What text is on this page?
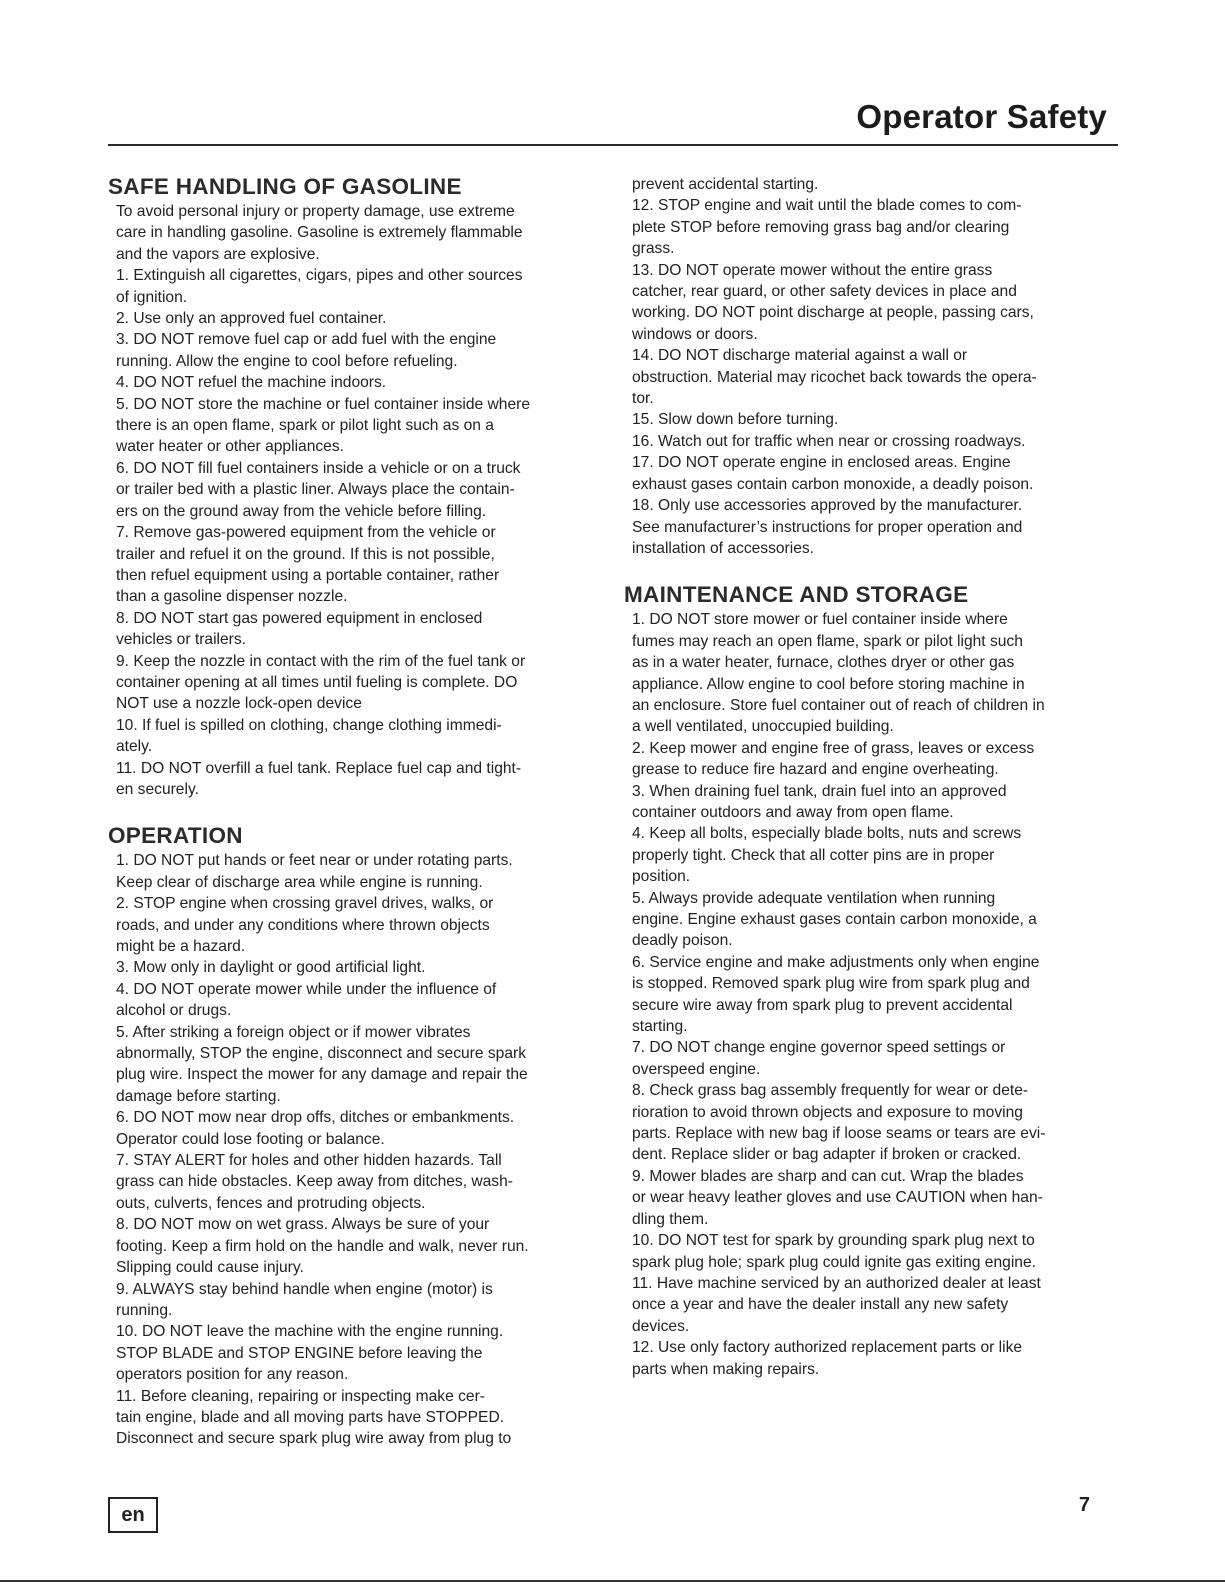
Operator Safety
SAFE HANDLING OF GASOLINE
To avoid personal injury or property damage, use extreme
care in handling gasoline. Gasoline is extremely flammable
and the vapors are explosive.
1. Extinguish all cigarettes, cigars, pipes and other sources
of ignition.
2. Use only an approved fuel container.
3. DO NOT remove fuel cap or add fuel with the engine
running. Allow the engine to cool before refueling.
4. DO NOT refuel the machine indoors.
5. DO NOT store the machine or fuel container inside where
there is an open flame, spark or pilot light such as on a
water heater or other appliances.
6. DO NOT fill fuel containers inside a vehicle or on a truck
or trailer bed with a plastic liner. Always place the contain-
ers on the ground away from the vehicle before filling.
7. Remove gas-powered equipment from the vehicle or
trailer and refuel it on the ground. If this is not possible,
then refuel equipment using a portable container, rather
than a gasoline dispenser nozzle.
8. DO NOT start gas powered equipment in enclosed
vehicles or trailers.
9. Keep the nozzle in contact with the rim of the fuel tank or
container opening at all times until fueling is complete. DO
NOT use a nozzle lock-open device
10. If fuel is spilled on clothing, change clothing immedi-
ately.
11. DO NOT overfill a fuel tank. Replace fuel cap and tight-
en securely.
OPERATION
1. DO NOT put hands or feet near or under rotating parts.
Keep clear of discharge area while engine is running.
2. STOP engine when crossing gravel drives, walks, or
roads, and under any conditions where thrown objects
might be a hazard.
3. Mow only in daylight or good artificial light.
4. DO NOT operate mower while under the influence of
alcohol or drugs.
5. After striking a foreign object or if mower vibrates
abnormally, STOP the engine, disconnect and secure spark
plug wire. Inspect the mower for any damage and repair the
damage before starting.
6. DO NOT mow near drop offs, ditches or embankments.
Operator could lose footing or balance.
7. STAY ALERT for holes and other hidden hazards. Tall
grass can hide obstacles. Keep away from ditches, wash-
outs, culverts, fences and protruding objects.
8. DO NOT mow on wet grass. Always be sure of your
footing. Keep a firm hold on the handle and walk, never run.
Slipping could cause injury.
9. ALWAYS stay behind handle when engine (motor) is
running.
10. DO NOT leave the machine with the engine running.
STOP BLADE and STOP ENGINE before leaving the
operators position for any reason.
11. Before cleaning, repairing or inspecting make cer-
tain engine, blade and all moving parts have STOPPED.
Disconnect and secure spark plug wire away from plug to
prevent accidental starting.
12. STOP engine and wait until the blade comes to com-
plete STOP before removing grass bag and/or clearing
grass.
13. DO NOT operate mower without the entire grass
catcher, rear guard, or other safety devices in place and
working. DO NOT point discharge at people, passing cars,
windows or doors.
14. DO NOT discharge material against a wall or
obstruction. Material may ricochet back towards the opera-
tor.
15. Slow down before turning.
16. Watch out for traffic when near or crossing roadways.
17. DO NOT operate engine in enclosed areas. Engine
exhaust gases contain carbon monoxide, a deadly poison.
18. Only use accessories approved by the manufacturer.
See manufacturer’s instructions for proper operation and
installation of accessories.
MAINTENANCE AND STORAGE
1. DO NOT store mower or fuel container inside where
fumes may reach an open flame, spark or pilot light such
as in a water heater, furnace, clothes dryer or other gas
appliance. Allow engine to cool before storing machine in
an enclosure. Store fuel container out of reach of children in
a well ventilated, unoccupied building.
2. Keep mower and engine free of grass, leaves or excess
grease to reduce fire hazard and engine overheating.
3. When draining fuel tank, drain fuel into an approved
container outdoors and away from open flame.
4. Keep all bolts, especially blade bolts, nuts and screws
properly tight. Check that all cotter pins are in proper
position.
5. Always provide adequate ventilation when running
engine. Engine exhaust gases contain carbon monoxide, a
deadly poison.
6. Service engine and make adjustments only when engine
is stopped. Removed spark plug wire from spark plug and
secure wire away from spark plug to prevent accidental
starting.
7. DO NOT change engine governor speed settings or
overspeed engine.
8. Check grass bag assembly frequently for wear or dete-
rioration to avoid thrown objects and exposure to moving
parts. Replace with new bag if loose seams or tears are evi-
dent. Replace slider or bag adapter if broken or cracked.
9. Mower blades are sharp and can cut. Wrap the blades
or wear heavy leather gloves and use CAUTION when han-
dling them.
10. DO NOT test for spark by grounding spark plug next to
spark plug hole; spark plug could ignite gas exiting engine.
11. Have machine serviced by an authorized dealer at least
once a year and have the dealer install any new safety
devices.
12. Use only factory authorized replacement parts or like
parts when making repairs.
en	7
